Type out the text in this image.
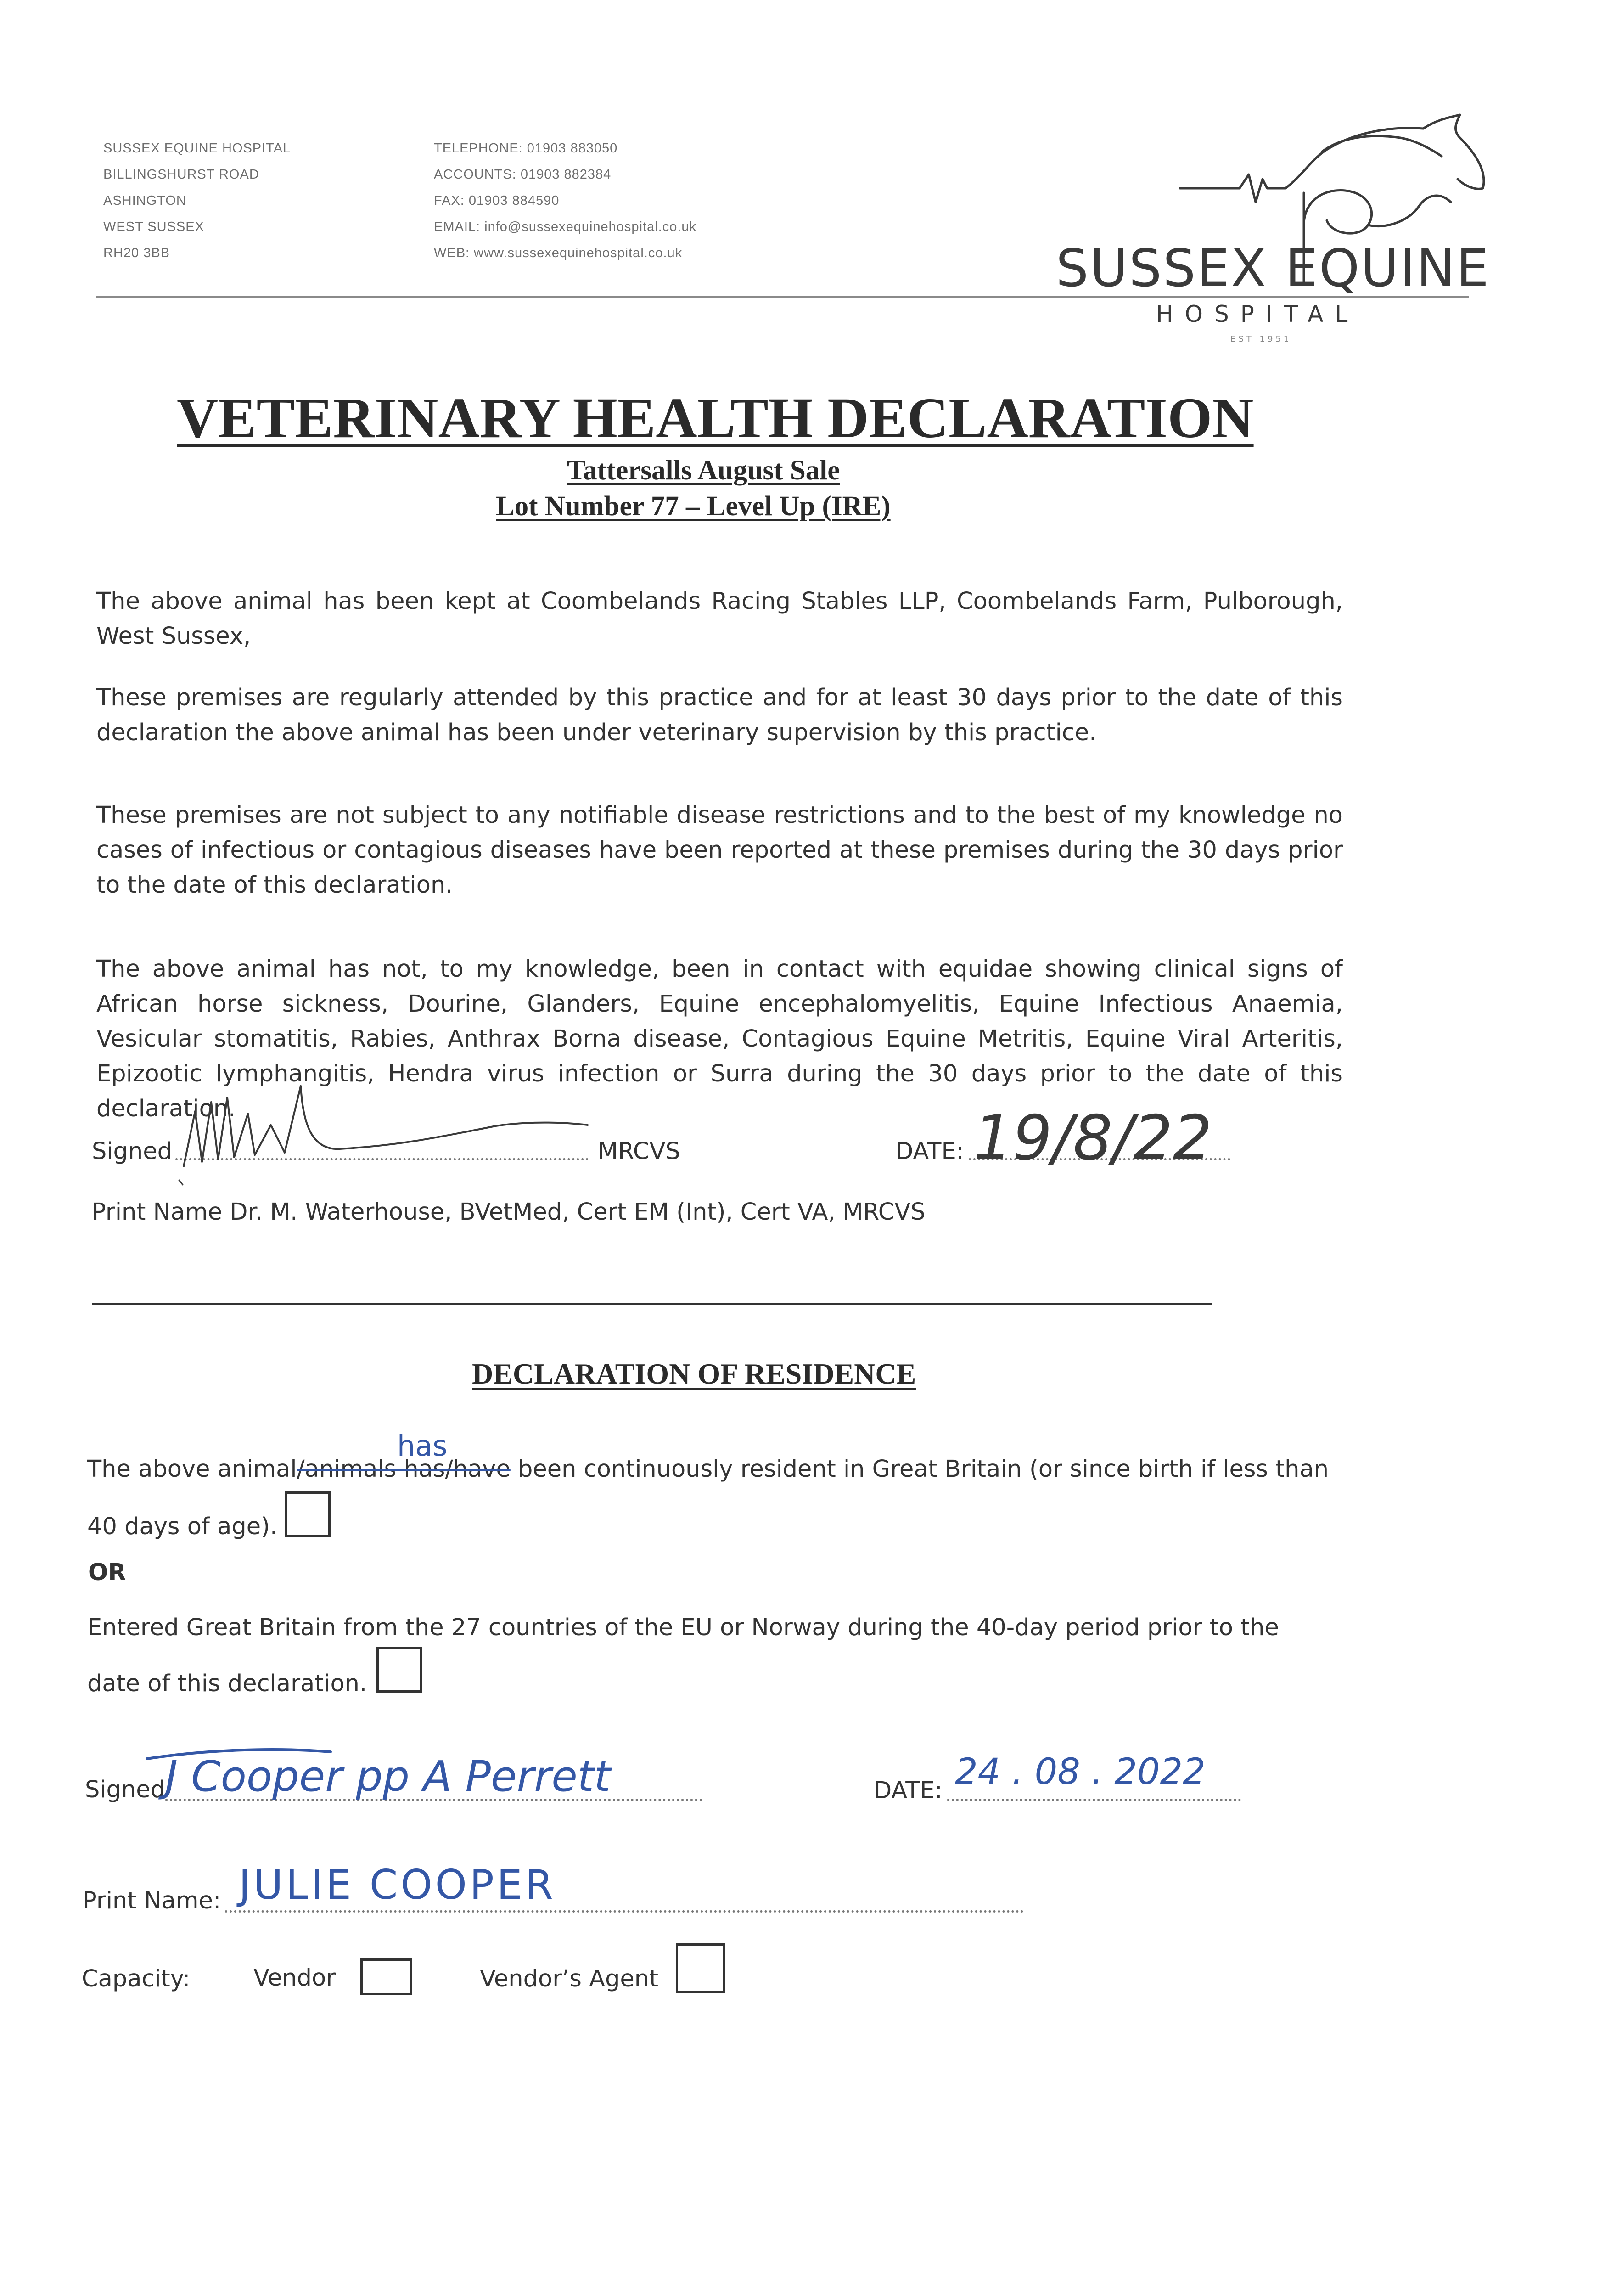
SUSSEX EQUINE HOSPITAL
BILLINGSHURST ROAD
ASHINGTON
WEST SUSSEX
RH20 3BB
TELEPHONE: 01903 883050
ACCOUNTS: 01903 882384
FAX: 01903 884590
EMAIL: info@sussexequinehospital.co.uk
WEB: www.sussexequinehospital.co.uk	SUSSEX EQUINE
HOSPITAL
EST 1951
VETERINARY HEALTH DECLARATION
Tattersalls August Sale
Lot Number 77 – Level Up (IRE)
The above animal has been kept at Coombelands Racing Stables LLP, Coombelands Farm, Pulborough, West Sussex,
These premises are regularly attended by this practice and for at least 30 days prior to the date of this declaration the above animal has been under veterinary supervision by this practice.
These premises are not subject to any notifiable disease restrictions and to the best of my knowledge no cases of infectious or contagious diseases have been reported at these premises during the 30 days prior to the date of this declaration.
The above animal has not, to my knowledge, been in contact with equidae showing clinical signs of African horse sickness, Dourine, Glanders, Equine encephalomyelitis, Equine Infectious Anaemia, Vesicular stomatitis, Rabies, Anthrax Borna disease, Contagious Equine Metritis, Equine Viral Arteritis, Epizootic lymphangitis, Hendra virus infection or Surra during the 30 days prior to the date of this declaration.
Signed	MRCVS	DATE: 19/8/22
Print Name Dr. M. Waterhouse, BVetMed, Cert EM (Int), Cert VA, MRCVS
DECLARATION OF RESIDENCE
The above animal/animals has/have been continuously resident in Great Britain (or since birth if less than
has
40 days of age).
OR
Entered Great Britain from the 27 countries of the EU or Norway during the 40-day period prior to the
date of this declaration.
Signed J Cooper pp A Perrett	DATE: 24 . 08 . 2022
Print Name: JULIE COOPER
Capacity:	Vendor	Vendor’s Agent
